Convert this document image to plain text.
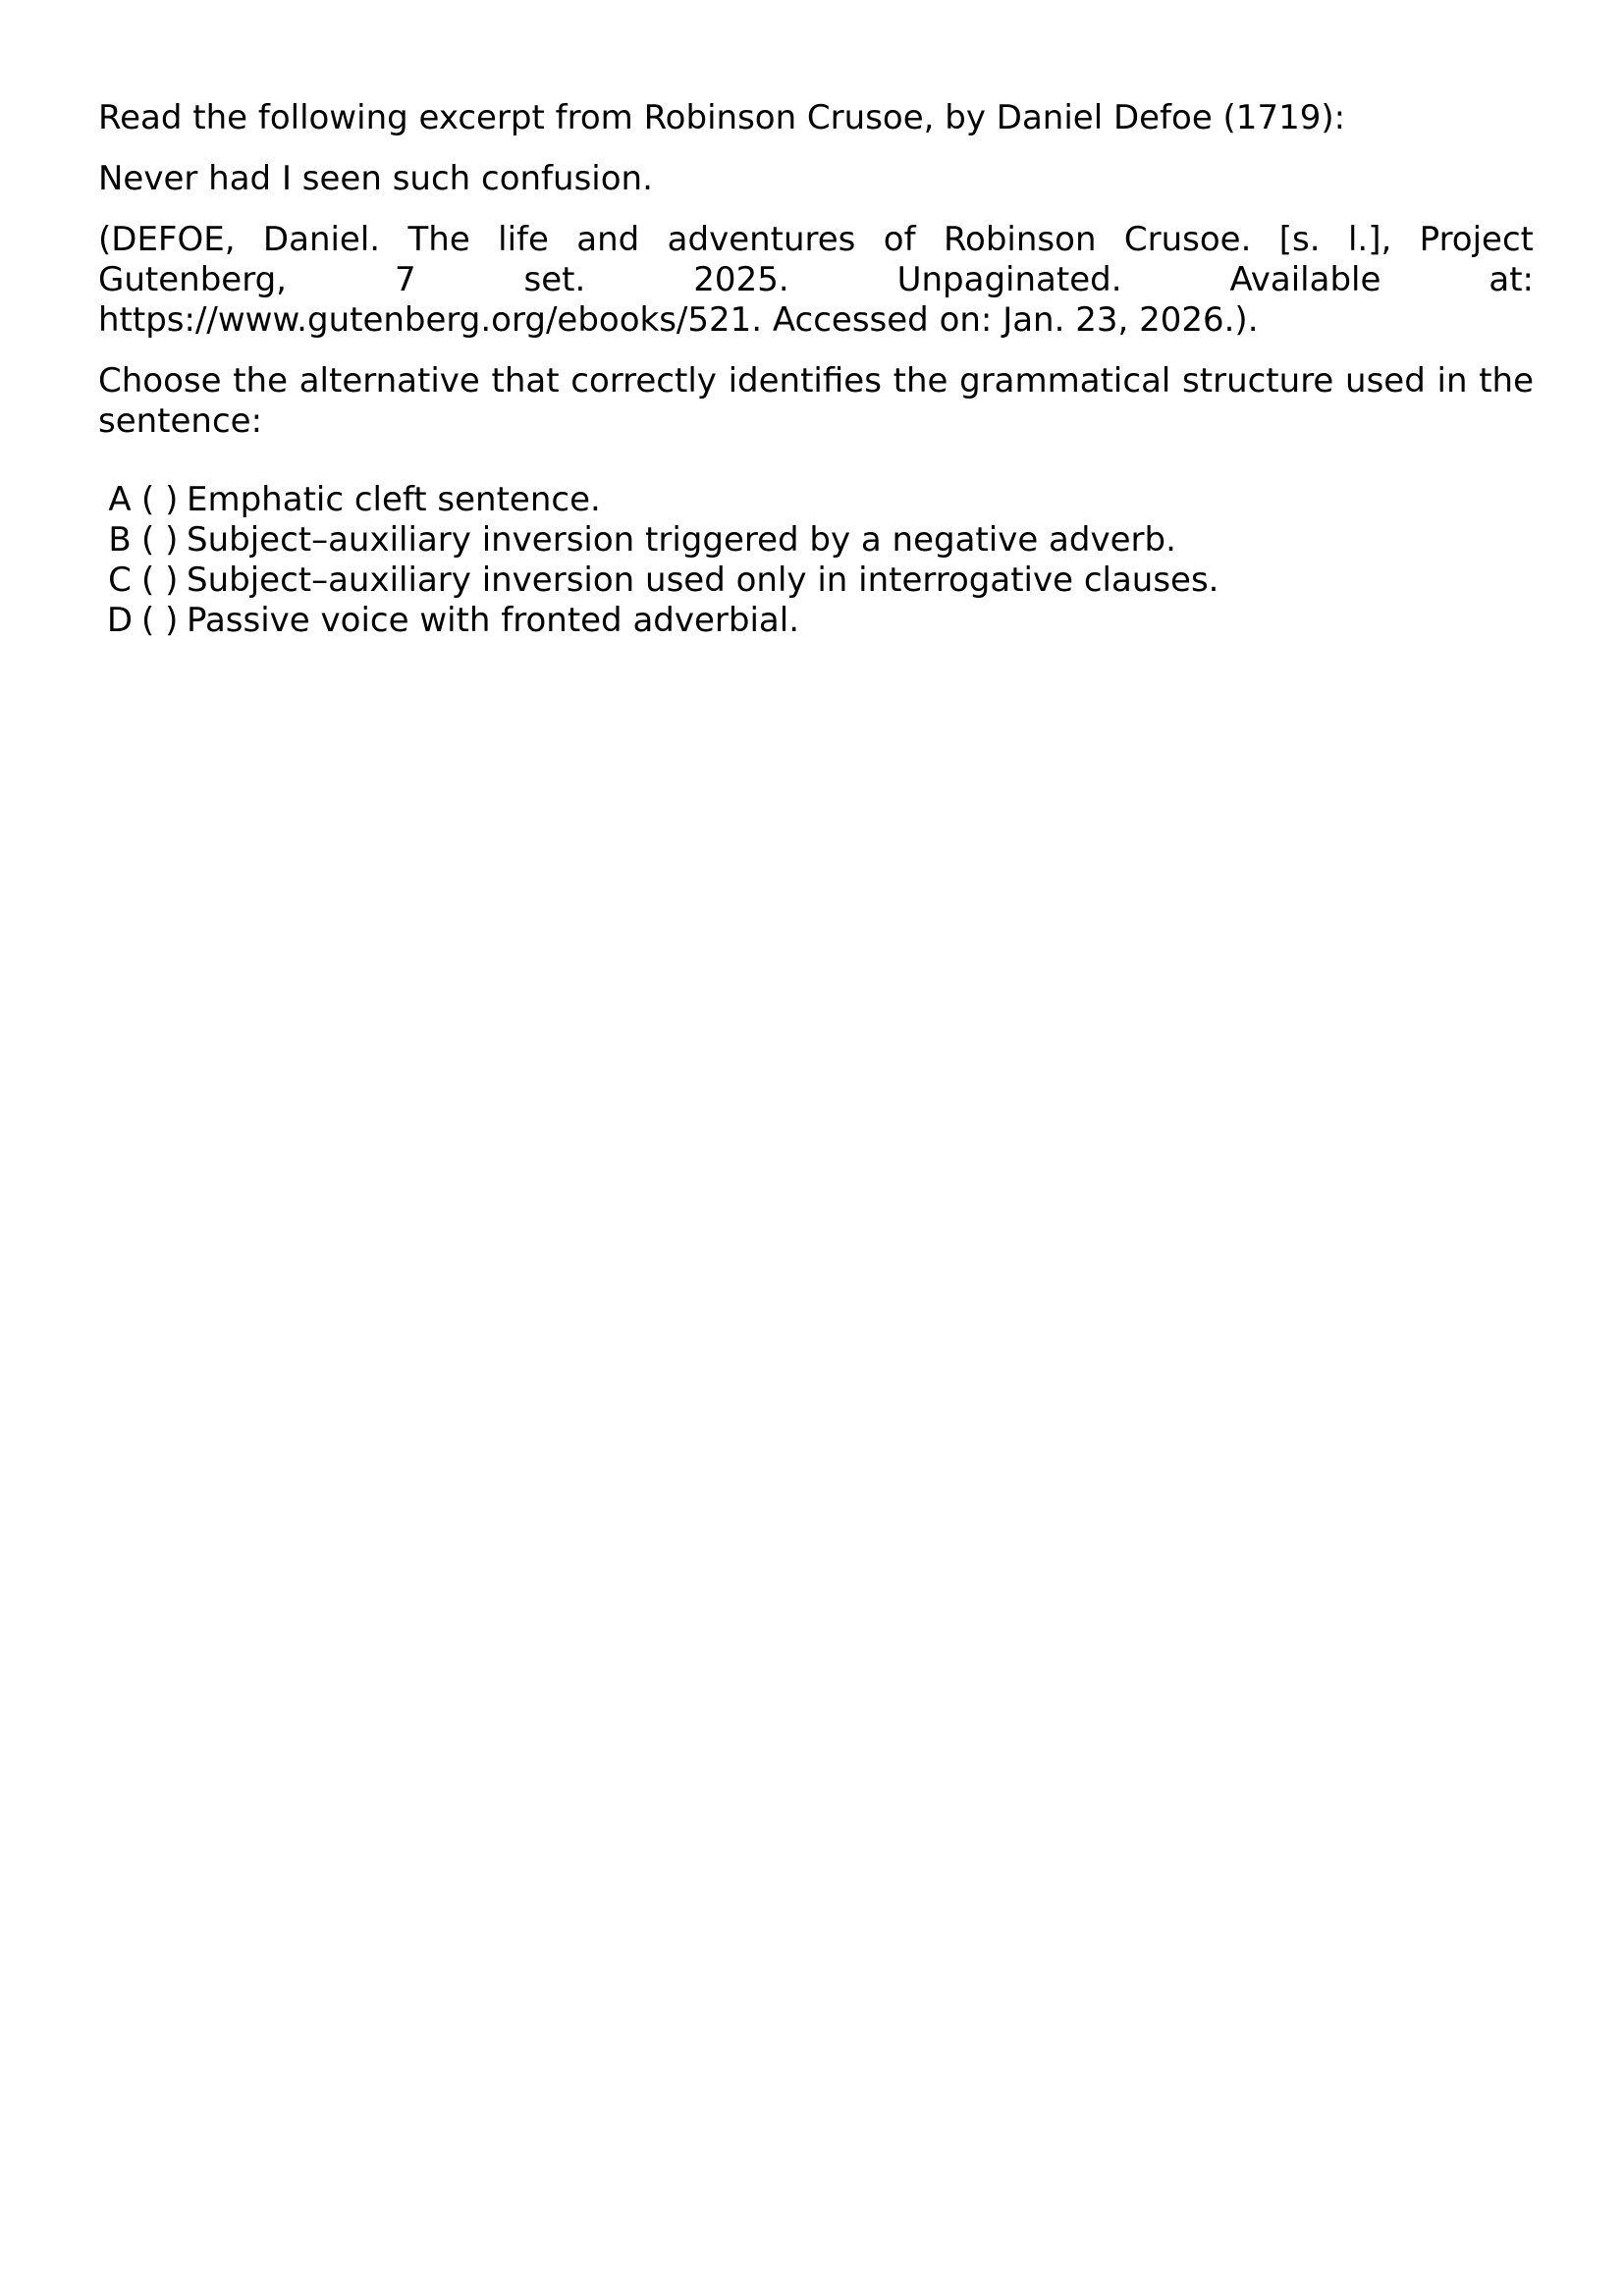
Read the following excerpt from Robinson Crusoe, by Daniel Defoe (1719):

Never had I seen such confusion.

(DEFOE, Daniel. The life and adventures of Robinson Crusoe. [s. l.], Project Gutenberg, 7 set. 2025. Unpaginated. Available at: https://www.gutenberg.org/ebooks/521. Accessed on: Jan. 23, 2026.).

Choose the alternative that correctly identifies the grammatical structure used in the sentence:

A ( ) Emphatic cleft sentence.
B ( ) Subject–auxiliary inversion triggered by a negative adverb.
C ( ) Subject–auxiliary inversion used only in interrogative clauses.
D ( ) Passive voice with fronted adverbial.
